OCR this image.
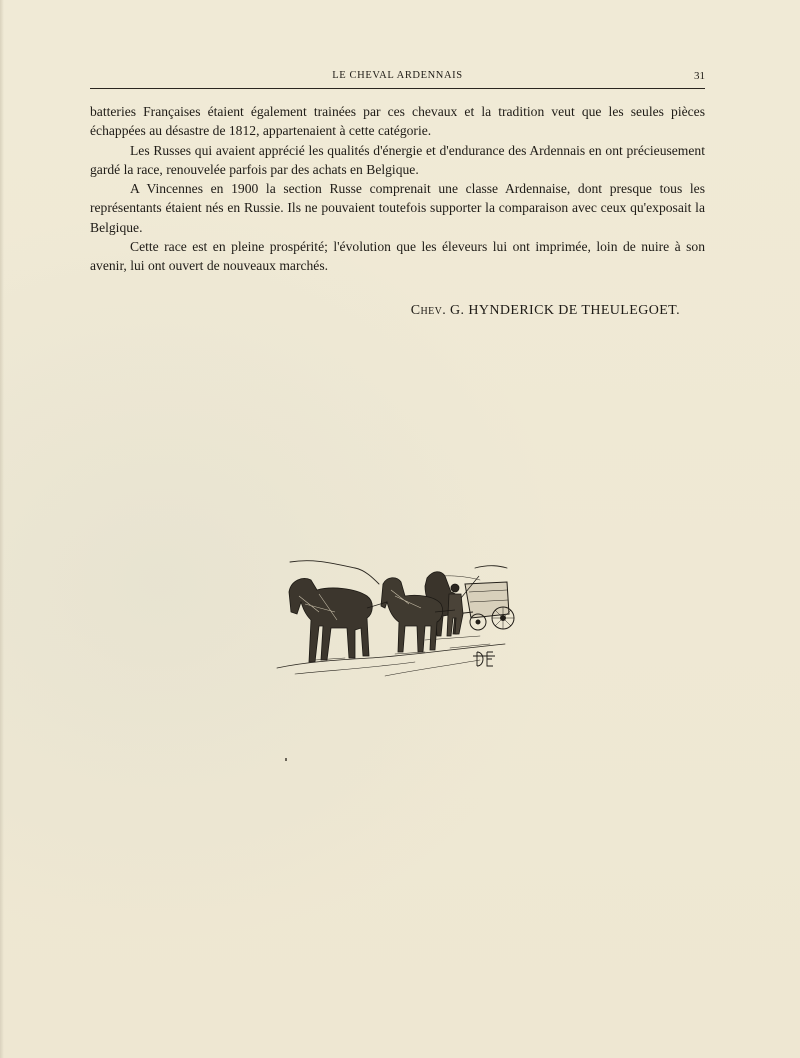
LE CHEVAL ARDENNAIS	31

batteries Françaises étaient également trainées par ces chevaux et la tradition veut que les seules pièces échappées au désastre de 1812, appartenaient à cette catégorie.

Les Russes qui avaient apprécié les qualités d'énergie et d'endurance des Ardennais en ont précieusement gardé la race, renouvelée parfois par des achats en Belgique.

A Vincennes en 1900 la section Russe comprenait une classe Ardennaise, dont presque tous les représentants étaient nés en Russie. Ils ne pouvaient toutefois supporter la comparaison avec ceux qu'exposait la Belgique.

Cette race est en pleine prospérité; l'évolution que les éleveurs lui ont imprimée, loin de nuire à son avenir, lui ont ouvert de nouveaux marchés.

Chev. G. HYNDERICK DE THEULEGOET.
